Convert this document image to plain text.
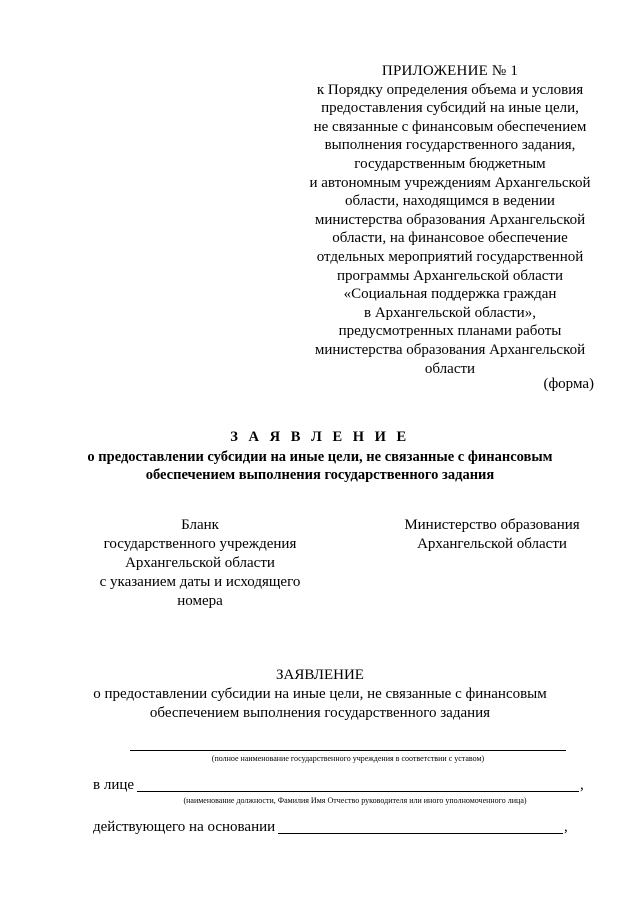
ПРИЛОЖЕНИЕ № 1
к Порядку определения объема и условия
предоставления субсидий на иные цели,
не связанные с финансовым обеспечением
выполнения государственного задания,
государственным бюджетным
и автономным учреждениям Архангельской
области, находящимся в ведении
министерства образования Архангельской
области, на финансовое обеспечение
отдельных мероприятий государственной
программы Архангельской области
«Социальная поддержка граждан
в Архангельской области»,
предусмотренных планами работы
министерства образования Архангельской
области
(форма)
З А Я В Л Е Н И Е
о предоставлении субсидии на иные цели, не связанные с финансовым
обеспечением выполнения государственного задания
Бланк
государственного учреждения
Архангельской области
с указанием даты и исходящего
номера
Министерство образования
Архангельской области
ЗАЯВЛЕНИЕ
о предоставлении субсидии на иные цели, не связанные с финансовым
обеспечением выполнения государственного задания
(полное наименование государственного учреждения в соответствии с уставом)
в лице	,
(наименование должности, Фамилия Имя Отчество руководителя или иного уполномоченного лица)
действующего на основании	,
